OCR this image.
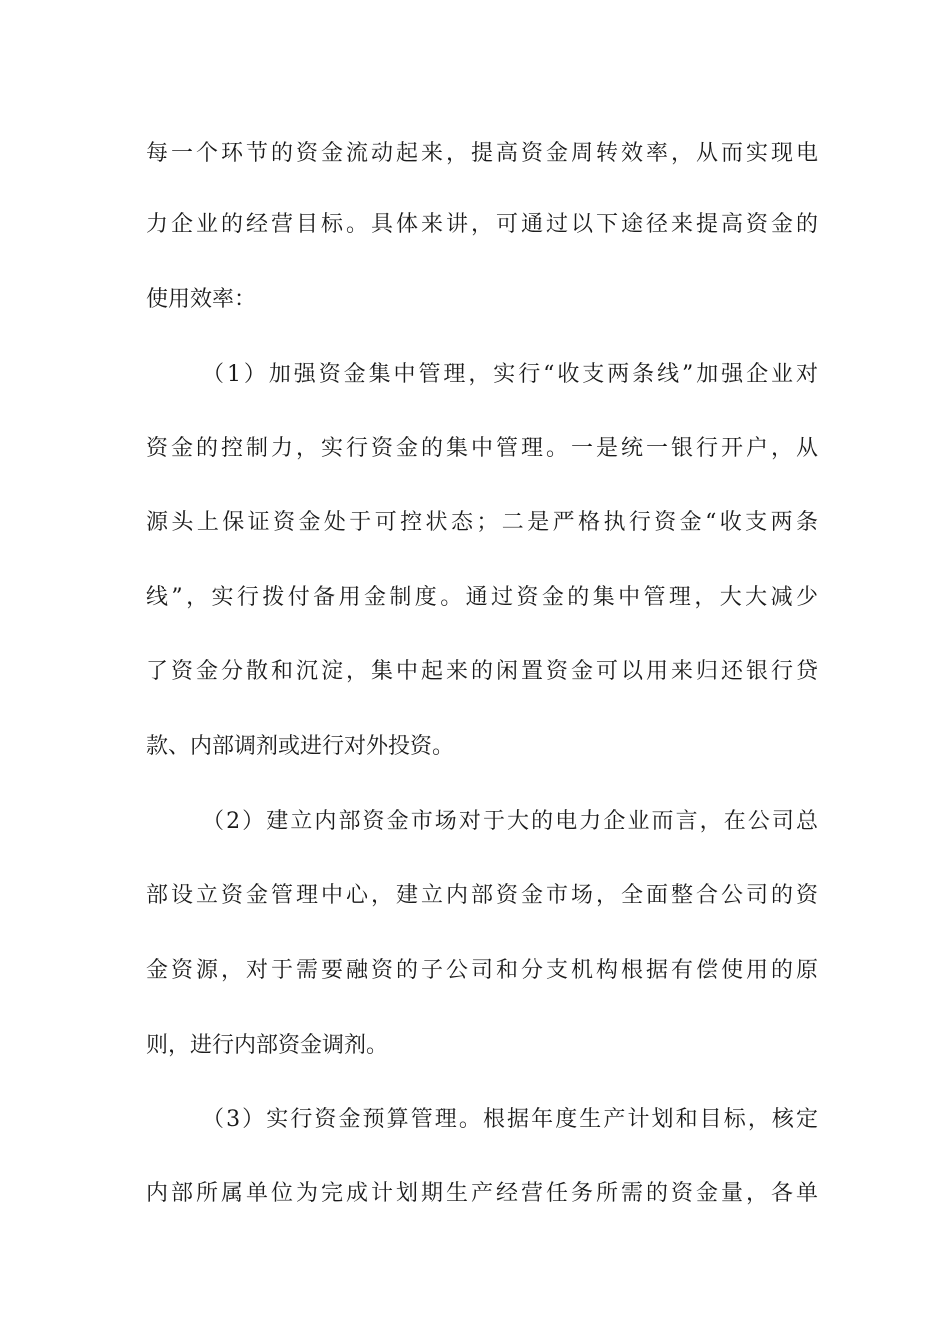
每一个环节的资金流动起来，提高资金周转效率，从而实现电
力企业的经营目标。具体来讲，可通过以下途径来提高资金的
使用效率：
（1）加强资金集中管理，实行“收支两条线”加强企业对
资金的控制力，实行资金的集中管理。一是统一银行开户，从
源头上保证资金处于可控状态；二是严格执行资金“收支两条
线”，实行拨付备用金制度。通过资金的集中管理，大大减少
了资金分散和沉淀，集中起来的闲置资金可以用来归还银行贷
款、内部调剂或进行对外投资。
（2）建立内部资金市场对于大的电力企业而言，在公司总
部设立资金管理中心，建立内部资金市场，全面整合公司的资
金资源，对于需要融资的子公司和分支机构根据有偿使用的原
则，进行内部资金调剂。
（3）实行资金预算管理。根据年度生产计划和目标，核定
内部所属单位为完成计划期生产经营任务所需的资金量，各单
